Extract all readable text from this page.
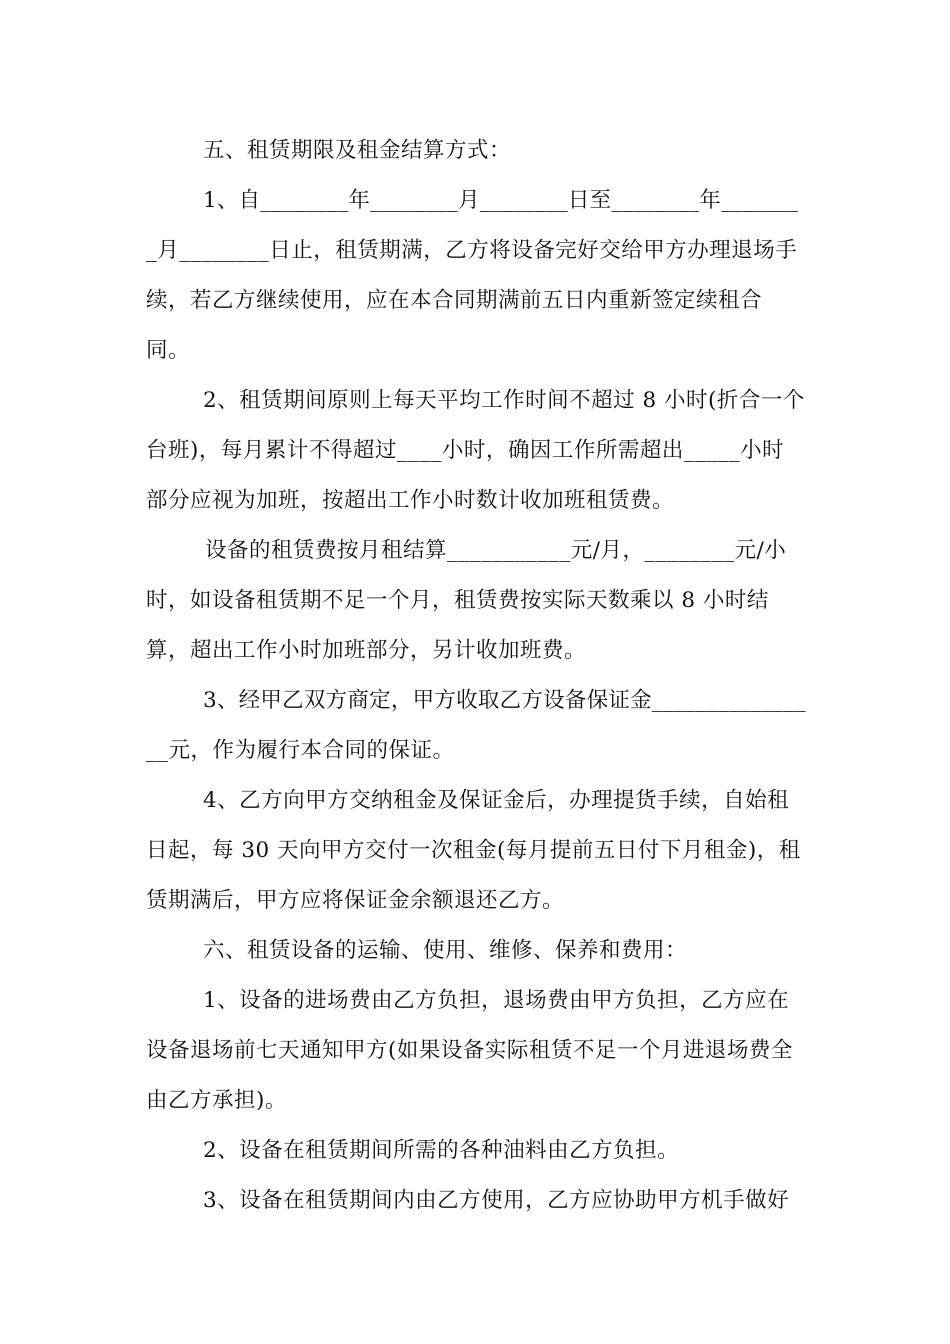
五、租赁期限及租金结算方式：
1、自________年________月________日至________年_______
_月________日止，租赁期满，乙方将设备完好交给甲方办理退场手
续，若乙方继续使用，应在本合同期满前五日内重新签定续租合
同。
2、租赁期间原则上每天平均工作时间不超过 8 小时(折合一个
台班)，每月累计不得超过____小时，确因工作所需超出_____小时
部分应视为加班，按超出工作小时数计收加班租赁费。
设备的租赁费按月租结算___________元/月，________元/小
时，如设备租赁期不足一个月，租赁费按实际天数乘以 8 小时结
算，超出工作小时加班部分，另计收加班费。
3、经甲乙双方商定，甲方收取乙方设备保证金______________
__元，作为履行本合同的保证。
4、乙方向甲方交纳租金及保证金后，办理提货手续，自始租
日起，每 30 天向甲方交付一次租金(每月提前五日付下月租金)，租
赁期满后，甲方应将保证金余额退还乙方。
六、租赁设备的运输、使用、维修、保养和费用：
1、设备的进场费由乙方负担，退场费由甲方负担，乙方应在
设备退场前七天通知甲方(如果设备实际租赁不足一个月进退场费全
由乙方承担)。
2、设备在租赁期间所需的各种油料由乙方负担。
3、设备在租赁期间内由乙方使用，乙方应协助甲方机手做好
